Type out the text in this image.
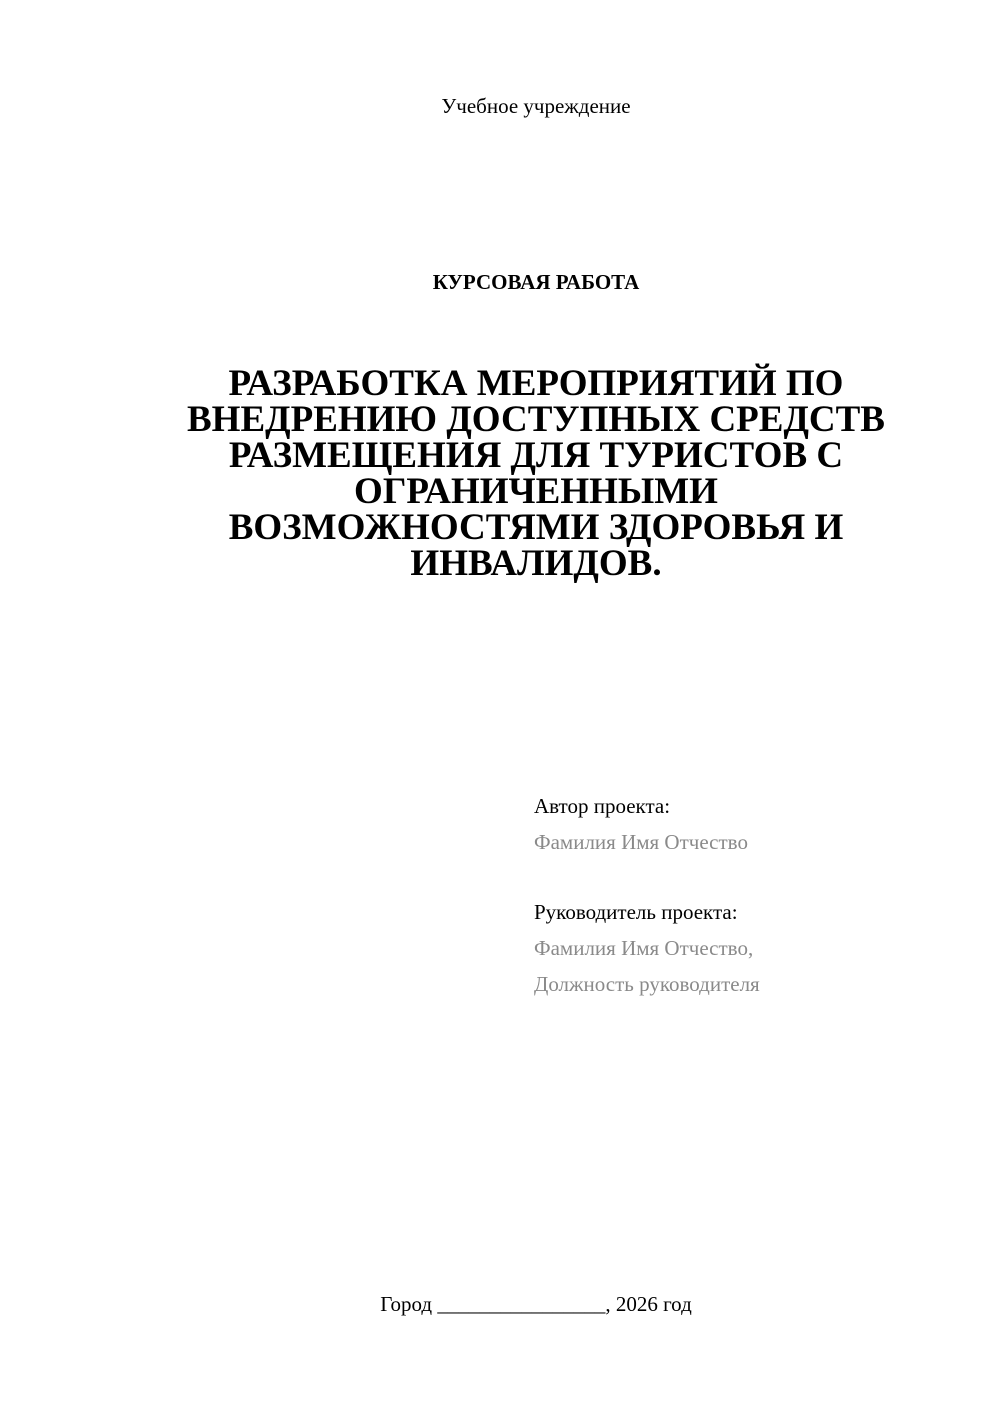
Учебное учреждение
КУРСОВАЯ РАБОТА
РАЗРАБОТКА МЕРОПРИЯТИЙ ПО
ВНЕДРЕНИЮ ДОСТУПНЫХ СРЕДСТВ
РАЗМЕЩЕНИЯ ДЛЯ ТУРИСТОВ С
ОГРАНИЧЕННЫМИ
ВОЗМОЖНОСТЯМИ ЗДОРОВЬЯ И
ИНВАЛИДОВ.
Автор проекта:
Фамилия Имя Отчество
Руководитель проекта:
Фамилия Имя Отчество,
Должность руководителя
Город ________________, 2026 год
